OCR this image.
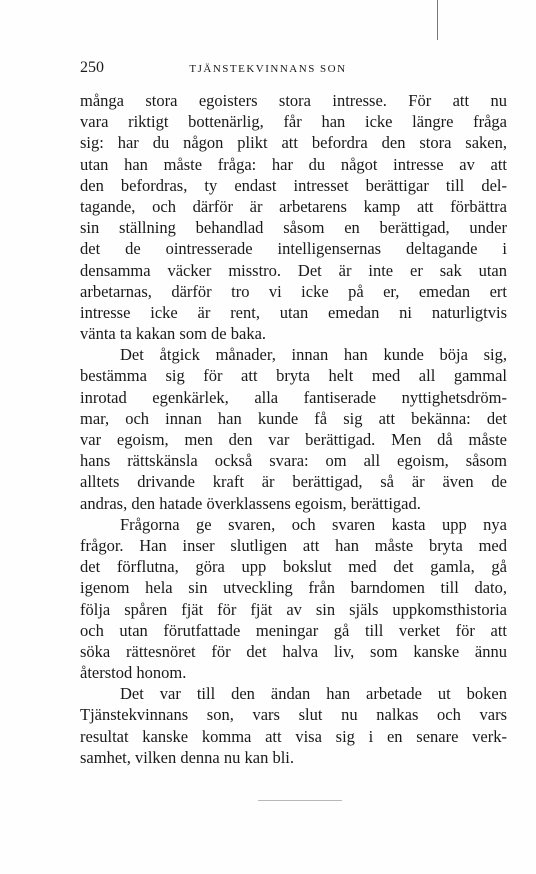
250	TJÄNSTEKVINNANS SON
många stora egoisters stora intresse. För att nu
vara riktigt bottenärlig, får han icke längre fråga
sig: har du någon plikt att befordra den stora saken,
utan han måste fråga: har du något intresse av att
den befordras, ty endast intresset berättigar till del-
tagande, och därför är arbetarens kamp att förbättra
sin ställning behandlad såsom en berättigad, under
det de ointresserade intelligensernas deltagande i
densamma väcker misstro. Det är inte er sak utan
arbetarnas, därför tro vi icke på er, emedan ert
intresse icke är rent, utan emedan ni naturligtvis
vänta ta kakan som de baka.
Det åtgick månader, innan han kunde böja sig,
bestämma sig för att bryta helt med all gammal
inrotad egenkärlek, alla fantiserade nyttighetsdröm-
mar, och innan han kunde få sig att bekänna: det
var egoism, men den var berättigad. Men då måste
hans rättskänsla också svara: om all egoism, såsom
alltets drivande kraft är berättigad, så är även de
andras, den hatade överklassens egoism, berättigad.
Frågorna ge svaren, och svaren kasta upp nya
frågor. Han inser slutligen att han måste bryta med
det förflutna, göra upp bokslut med det gamla, gå
igenom hela sin utveckling från barndomen till dato,
följa spåren fjät för fjät av sin själs uppkomsthistoria
och utan förutfattade meningar gå till verket för att
söka rättesnöret för det halva liv, som kanske ännu
återstod honom.
Det var till den ändan han arbetade ut boken
Tjänstekvinnans son, vars slut nu nalkas och vars
resultat kanske komma att visa sig i en senare verk-
samhet, vilken denna nu kan bli.
